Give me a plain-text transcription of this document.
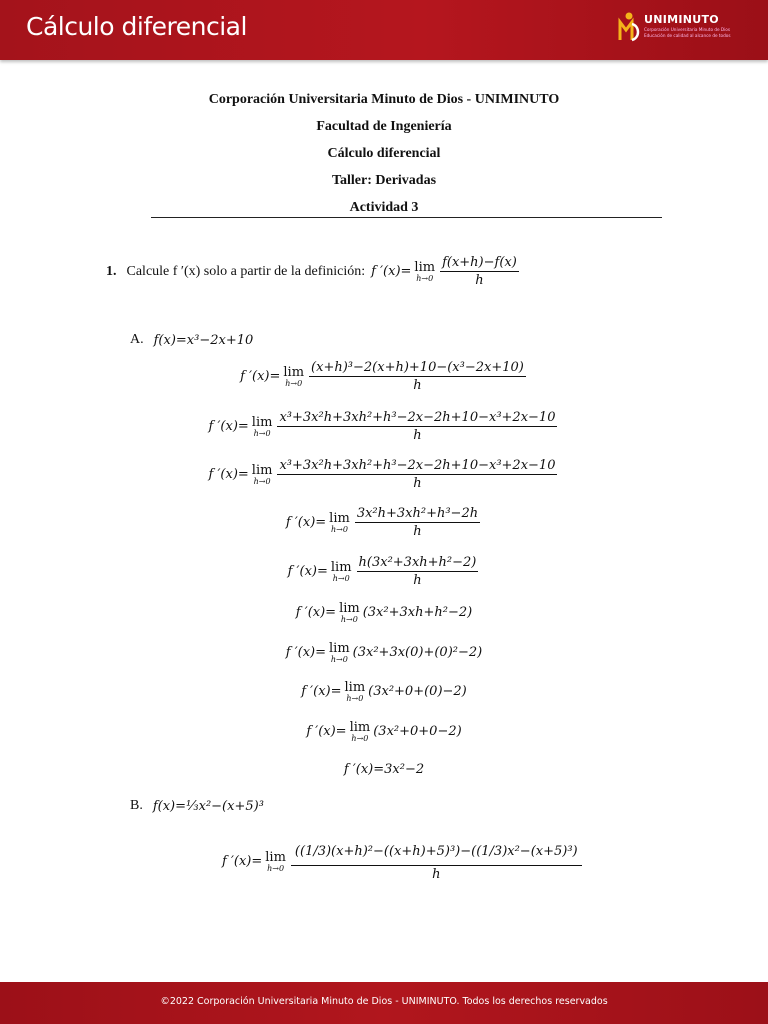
Cálculo diferencial	UNIMINUTO
Corporación Universitaria Minuto de Dios
Educación de calidad al alcance de todos
Corporación Universitaria Minuto de Dios - UNIMINUTO
Facultad de Ingeniería
Cálculo diferencial
Taller: Derivadas
Actividad 3
1. Calcule f ′(x) solo a partir de la definición: f ′(x)= lim
$h\to 0 \frac{f(x+h)-f(x)}{h}$
A. f(x)=x³−2x+10
f ′(x)= lim
$h\to 0 \frac{\text{(x+h)³−2(x+h)+10−(x³−2x+10)}}{h}$
f ′(x)= lim
$h\to 0 \frac{\text{x³+3x²h+3xh²+h³−2x−2h+10−x³+2x−10}}{h}$
f ′(x)= lim
$h\to 0 \frac{\text{x³+3x²h+3xh²+h³−2x−2h+10−x³+2x−10}}{h}$
f ′(x)= lim
$h\to 0 \frac{\text{3x²h+3xh²+h³−2h}}{h}$
f ′(x)= lim
$h\to 0 \frac{\text{h(3x²+3xh+h²−2)}}{h}$
f ′(x)= lim
h→0 (3x²+3xh+h²−2)
f ′(x)= lim
h→0 (3x²+3x(0)+(0)²−2)
f ′(x)= lim
h→0 (3x²+0+(0)−2)
f ′(x)= lim
h→0 (3x²+0+0−2)
f ′(x)=3x²−2
B. f(x)=⅓x²−(x+5)³
f ′(x)= lim
$h\to 0 \frac{\text{((1/3)(x+h)²−((x+h)+5)³)−((1/3)x²−(x+5)³)}}{h}$
©2022 Corporación Universitaria Minuto de Dios - UNIMINUTO. Todos los derechos reservados
